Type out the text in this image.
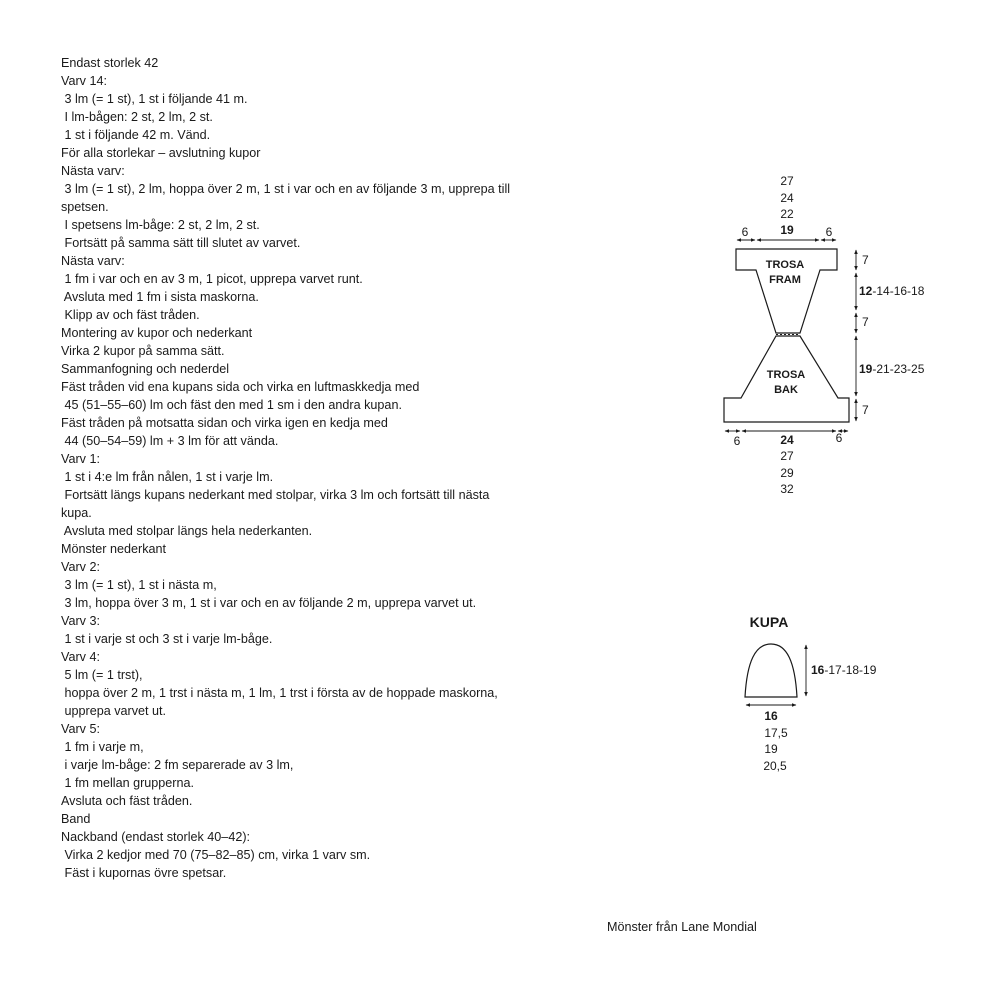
Endast storlek 42
Varv 14:
3 lm (= 1 st), 1 st i följande 41 m.
I lm-bågen: 2 st, 2 lm, 2 st.
1 st i följande 42 m. Vänd.
För alla storlekar – avslutning kupor
Nästa varv:
3 lm (= 1 st), 2 lm, hoppa över 2 m, 1 st i var och en av följande 3 m, upprepa till
spetsen.
I spetsens lm-båge: 2 st, 2 lm, 2 st.
Fortsätt på samma sätt till slutet av varvet.
Nästa varv:
1 fm i var och en av 3 m, 1 picot, upprepa varvet runt.
Avsluta med 1 fm i sista maskorna.
Klipp av och fäst tråden.
Montering av kupor och nederkant
Virka 2 kupor på samma sätt.
Sammanfogning och nederdel
Fäst tråden vid ena kupans sida och virka en luftmaskkedja med
45 (51–55–60) lm och fäst den med 1 sm i den andra kupan.
Fäst tråden på motsatta sidan och virka igen en kedja med
44 (50–54–59) lm + 3 lm för att vända.
Varv 1:
1 st i 4:e lm från nålen, 1 st i varje lm.
Fortsätt längs kupans nederkant med stolpar, virka 3 lm och fortsätt till nästa
kupa.
Avsluta med stolpar längs hela nederkanten.
Mönster nederkant
Varv 2:
3 lm (= 1 st), 1 st i nästa m,
3 lm, hoppa över 3 m, 1 st i var och en av följande 2 m, upprepa varvet ut.
Varv 3:
1 st i varje st och 3 st i varje lm-båge.
Varv 4:
5 lm (= 1 trst),
hoppa över 2 m, 1 trst i nästa m, 1 lm, 1 trst i första av de hoppade maskorna,
upprepa varvet ut.
Varv 5:
1 fm i varje m,
i varje lm-båge: 2 fm separerade av 3 lm,
1 fm mellan grupperna.
Avsluta och fäst tråden.
Band
Nackband (endast storlek 40–42):
Virka 2 kedjor med 70 (75–82–85) cm, virka 1 varv sm.
Fäst i kupornas övre spetsar.
Mönster från Lane Mondial
TROSA
FRAM
TROSA
BAK
27
24
22
19
6	6
7
12-14-16-18
7
19-21-23-25
7
6	6
24
27
29
32
KUPA
16-17-18-19
16
17,5
19
20,5
